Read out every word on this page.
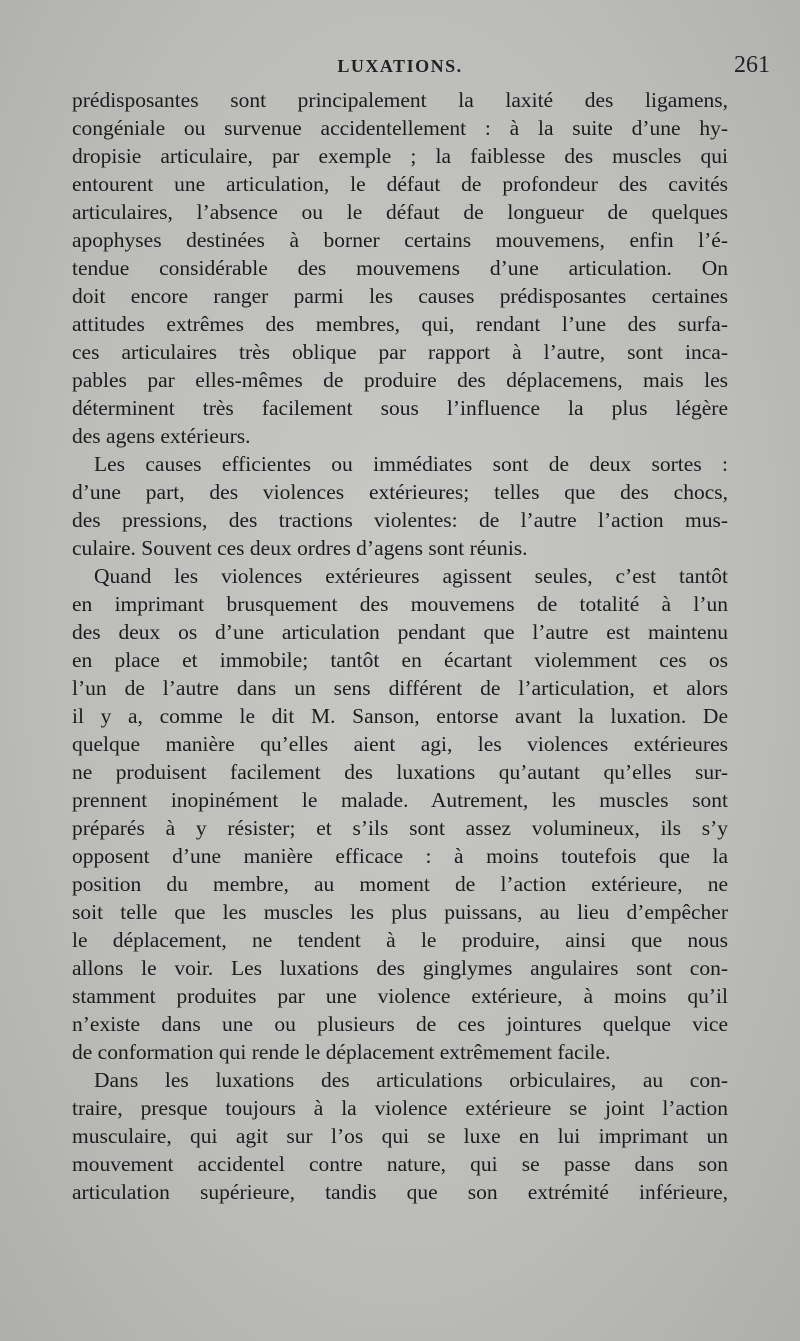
LUXATIONS.	261
prédisposantes sont principalement la laxité des ligamens,
congéniale ou survenue accidentellement : à la suite d’une hy-
dropisie articulaire, par exemple ; la faiblesse des muscles qui
entourent une articulation, le défaut de profondeur des cavités
articulaires, l’absence ou le défaut de longueur de quelques
apophyses destinées à borner certains mouvemens, enfin l’é-
tendue considérable des mouvemens d’une articulation. On
doit encore ranger parmi les causes prédisposantes certaines
attitudes extrêmes des membres, qui, rendant l’une des surfa-
ces articulaires très oblique par rapport à l’autre, sont inca-
pables par elles-mêmes de produire des déplacemens, mais les
déterminent très facilement sous l’influence la plus légère
des agens extérieurs.
Les causes efficientes ou immédiates sont de deux sortes :
d’une part, des violences extérieures; telles que des chocs,
des pressions, des tractions violentes: de l’autre l’action mus-
culaire. Souvent ces deux ordres d’agens sont réunis.
Quand les violences extérieures agissent seules, c’est tantôt
en imprimant brusquement des mouvemens de totalité à l’un
des deux os d’une articulation pendant que l’autre est maintenu
en place et immobile; tantôt en écartant violemment ces os
l’un de l’autre dans un sens différent de l’articulation, et alors
il y a, comme le dit M. Sanson, entorse avant la luxation. De
quelque manière qu’elles aient agi, les violences extérieures
ne produisent facilement des luxations qu’autant qu’elles sur-
prennent inopinément le malade. Autrement, les muscles sont
préparés à y résister; et s’ils sont assez volumineux, ils s’y
opposent d’une manière efficace : à moins toutefois que la
position du membre, au moment de l’action extérieure, ne
soit telle que les muscles les plus puissans, au lieu d’empêcher
le déplacement, ne tendent à le produire, ainsi que nous
allons le voir. Les luxations des ginglymes angulaires sont con-
stamment produites par une violence extérieure, à moins qu’il
n’existe dans une ou plusieurs de ces jointures quelque vice
de conformation qui rende le déplacement extrêmement facile.
Dans les luxations des articulations orbiculaires, au con-
traire, presque toujours à la violence extérieure se joint l’action
musculaire, qui agit sur l’os qui se luxe en lui imprimant un
mouvement accidentel contre nature, qui se passe dans son
articulation supérieure, tandis que son extrémité inférieure,
